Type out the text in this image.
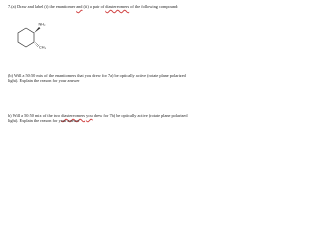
7.(a) Draw and label (i) the enantiomer and (ii) a pair of diastereomers of the following compound:
NH₂
CH₃
(b) Will a 50:50 mix of the enantiomers that you drew for 7a) be optically active (rotate plane polarized light). Explain the reason for your answer
b) Will a 50:50 mix of the two diastereomers you drew for 7b) be optically active (rotate plane polarized light). Explain the reason for your answer
